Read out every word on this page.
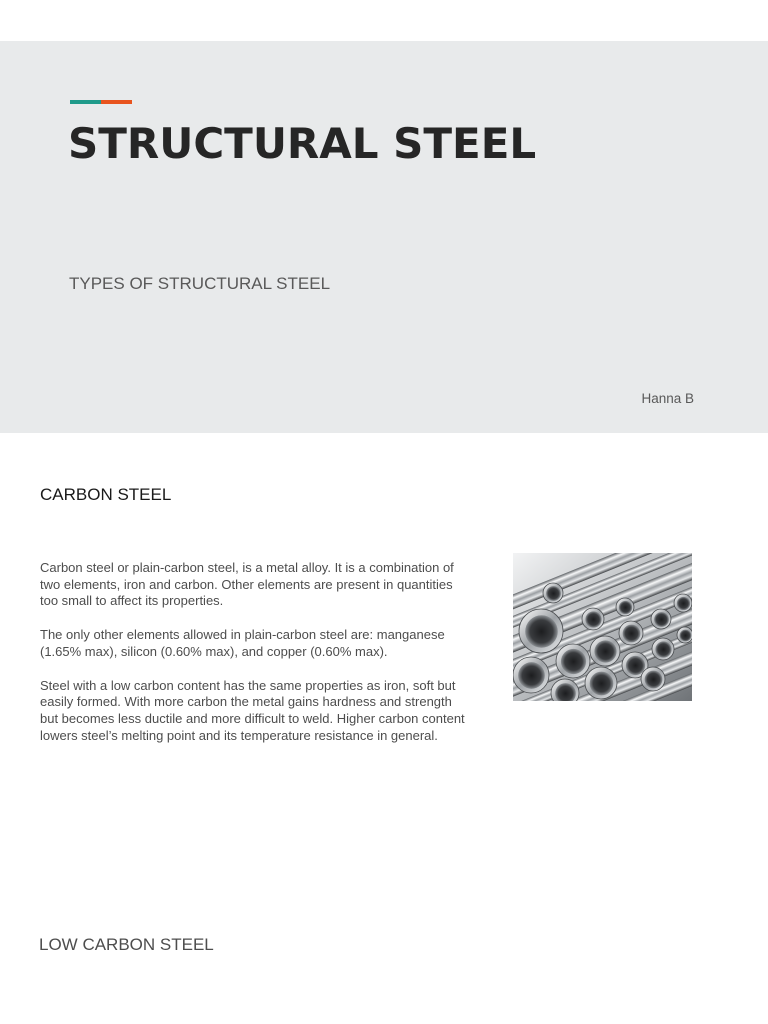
STRUCTURAL STEEL

TYPES OF STRUCTURAL STEEL

Hanna B

CARBON STEEL

Carbon steel or plain-carbon steel, is a metal alloy. It is a combination of two elements, iron and carbon. Other elements are present in quantities too small to affect its properties.

The only other elements allowed in plain-carbon steel are: manganese (1.65% max), silicon (0.60% max), and copper (0.60% max).

Steel with a low carbon content has the same properties as iron, soft but easily formed. With more carbon the metal gains hardness and strength but becomes less ductile and more difficult to weld. Higher carbon content lowers steel’s melting point and its temperature resistance in general.

LOW CARBON STEEL
